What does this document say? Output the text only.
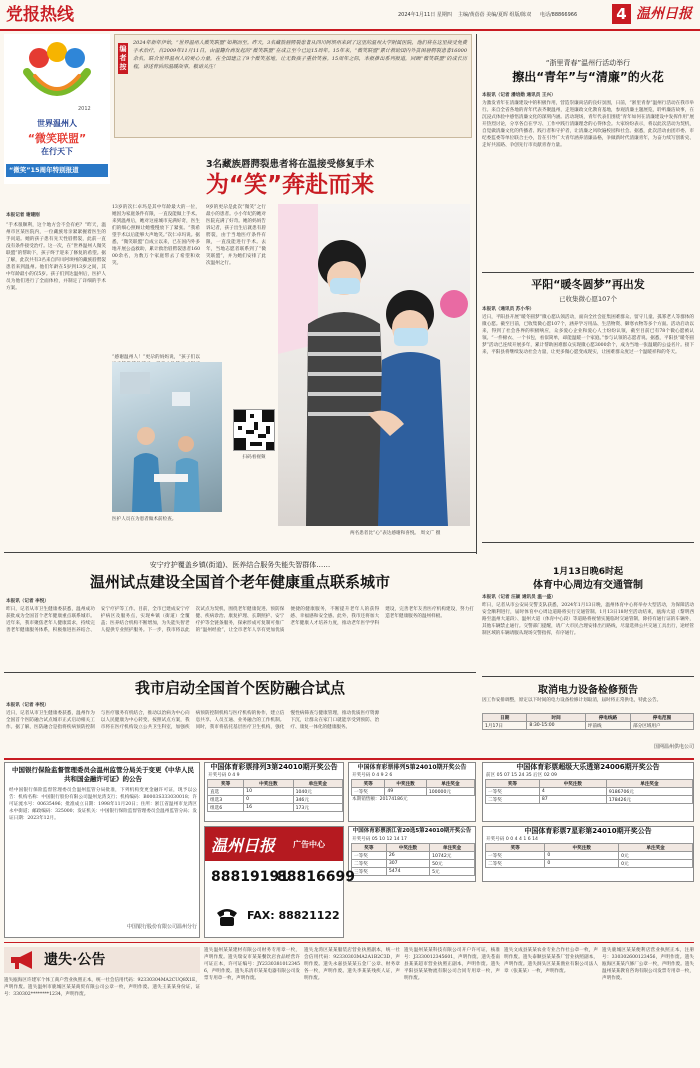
党报热线	2024年1月11日 星期四 主编/黄蓓蓓 美编/夏晖 组版/陈双 电话/88866966	4 温州日报
2012
世界温州人
“微笑联盟”
在行天下
“微笑”15周年特别报道
编者按
2024年新年伊始，“世界温州人微笑联盟”如期而至。昨天，3名藏族唇腭裂患者从四川阿坝州来到了这里的温州大学附属医院，他们将在这里接受免费手术治疗。自2009年11月11日，由温籍台商发起的“微笑联盟”在成立至今已近15周年。15年来，“微笑联盟”累计救助国内外贫困唇腭裂患者16000余名，联合世界温州人的爱心力量，在全国建立了9个微笑基地，让无数孩子重拾笑容。15周年之际，本报推出系列报道，回顾“微笑联盟”的成长历程，讲述背后的温暖故事。敬请关注！
3名藏族唇腭裂患者将在温接受修复手术
为“笑”奔赴而来
本报记者 谢建刚
“手术很顺利，这个地方会不会有疤？”昨天，温州市区某医院内，一位藏族母亲紧紧握着医生的手问道。她的孩子患有先天性唇腭裂，此前一直没有条件接受治疗。这一次，在“世界温州人微笑联盟”的帮助下，孩子终于迎来了修复的希望。据了解，此次共有3名来自四川阿坝州的藏族唇腭裂患者来到温州。他们年龄在5岁到13岁之间，其中年龄最小的仅5岁。孩子们到达温州后，医护人员为他们进行了全面体检，并制定了详细的手术方案。
13岁的次仁卓玛是其中年龄最大的一位，她因为家庭条件有限，一直没能做上手术。来到温州后，她对这座城市充满好奇，医生们的细心照顾让她慢慢放下了紧张。“我希望手术以后能够大声地笑。”次仁卓玛说。据悉，“微笑联盟”自成立以来，已在国内外多地开展公益救助，累计救治唇腭裂患者16000余名，为数万个家庭带去了希望和欢笑。
9岁的更尕是此次“微笑”之行最小的患者。小小年纪的她对医院充满了好奇。她的妈妈告诉记者，孩子出生后就患有唇腭裂，由于当地医疗条件有限，一直没能进行手术。去年，当地志愿者联系到了“微笑联盟”，并为她们安排了此次温州之行。
“感谢温州人！”更尕的妈妈说，“孩子们以
医护人员在为患者做术前检查。
扫码看视频
两名患者比“心”表达感谢和喜悦。 周文广 摄
“浙里青春”温州行活动举行
擦出“青年”与“清廉”的火花
本报讯（记者 潘培勋 通讯员 王兴）
为激发青年在清廉建设中的积极作用，营造崇廉尚洁的良好氛围，日前，“浙里青春”温州行活动在我市举行。来自全省各地的青年代表齐聚温州，走进廉政文化教育基地，参观清廉主题展览，聆听廉洁故事，在沉浸式体验中感悟清廉文化的深刻内涵。活动现场，青年代表们围绕“青年如何在清廉建设中发挥作用”展开热烈讨论，分享各自在学习、工作中践行清廉理念的心得体会。大家纷纷表示，将以此次活动为契机，自觉做清廉文化的传播者、践行者和守护者，让清廉之风吹遍校园和社会。据悉，此次活动由团市委、市纪委监委等单位联合主办，旨在引导广大青年涵养清廉品格，争做新时代清廉青年，为奋力续写创新史、走好共富路、争创先行市贡献青春力量。
平阳“暖冬圆梦”再出发
已收集微心愿107个
本报讯（通讯员 苏小华）
近日，平阳县开展“暖冬圆梦”微心愿认领活动，面向全社会征集困难群众、留守儿童、孤寡老人等群体的微心愿。截至目前，已收集微心愿107个，涵养学习用品、生活物资、御寒衣物等多个方面。活动启动以来，得到了社会各界的积极响应，众多爱心企业和爱心人士纷纷认领，截至目前已有78个微心愿被认领。“一件棉衣、一个书包，看似简单，却能温暖一个家庭。”参与认领的志愿者说。据悉，平阳县“暖冬圆梦”活动已连续开展多年，累计帮助困难群众实现微心愿3000余个，成为当地一张温暖的公益名片。接下来，平阳县将继续发动社会力量，让更多微心愿变成现实，让困难群众度过一个温暖祥和的冬天。
安宁疗护覆盖乡镇(街道)、医养结合服务失能失智群体……
温州试点建设全国首个老年健康重点联系城市
本报讯（记者 李悦）
昨日，记者从市卫生健康委获悉，温州成功获批成为全国首个老年健康重点联系城市。近年来，我市聚焦老年人健康需求，持续完善老年健康服务体系，积极推进医养结合、安宁疗护等工作。目前，全市已建成安宁疗护病区及服务点，实现乡镇（街道）全覆盖；医养结合机构不断增加，为失能失智老人提供专业照护服务。下一步，我市将以此次试点为契机，围绕老年健康促进、预防保健、疾病诊治、康复护理、长期照护、安宁疗护等全链条服务，探索形成可复制可推广的“温州经验”，让全市老年人享有更加优质便捷的健康服务，不断提升老年人的获得感、幸福感和安全感。此外，我市还将加大老年健康人才培养力度，推动老年医学学科建设，完善老年友善医疗机构建设，努力打造老年健康服务的温州样板。
我市启动全国首个医防融合试点
本报讯（记者 李悦）
近日，记者从市卫生健康委获悉，温州作为全国首个医防融合试点城市正式启动相关工作。据了解，医防融合是指将疾病预防控制与医疗服务有机结合，推动以治病为中心向以人民健康为中心转变。按照试点方案，我市将在医疗机构设立公共卫生科室，加强疾病预防控制机构与医疗机构的协作，建立信息共享、人员互通、业务融合的工作机制。同时，我市将依托基层医疗卫生机构，强化慢性病筛查与健康管理，推动优质医疗资源下沉，让群众在家门口就能享受到预防、治疗、康复一体化的健康服务。
1月13日晚6时起
体育中心周边有交通管制
本报讯（记者 汪颖 通讯员 温一盛）
昨日，记者从市公安局交警支队获悉，2024年1月13日晚，温州体育中心将举办大型活动，为保障活动安全顺利进行，届时体育中心周边道路将实行交通管制。1月13日18时至活动结束，瓯海大道（黎明西路至温州大道段）、温州大道（体育中心段）等道路将视情实施临时交通管制，除持有通行证的车辆外，其他车辆禁止通行。交警部门提醒，请广大市民合理安排出行路线，尽量选择公共交通工具出行，途经管制区域的车辆请服从现场交警指挥，有序通行。
取消电力设备检修预告
因工作安排调整，原定以下时间的电力设备检修计划取消，届时将正常供电，特此公告。
日期	时间	停电线路	停电范围
1月17日	8:30-15:00	坪前线	部分区域用户
国网温州供电公司
中国银行保险监督管理委员会温州监管分局关于变更《中华人民共和国金融许可证》的公告
经中国银行保险监督管理委员会温州监管分局批准，下列机构变更金融许可证，现予以公告：机构名称：中国银行股份有限公司温州龙湾支行；机构编码：B0003S333030018；许可证流水号：00635496；批准成立日期：1998年11月20日；住所：浙江省温州市龙湾区永中街道；邮政编码：325000；发证机关：中国银行保险监督管理委员会温州监管分局；发证日期：2023年12月。
中国银行股份有限公司温州分行
中国体育彩票排列3第24010期开奖公告
开奖号码 0 4 9
奖等	中奖注数	单注奖金
直选	10	1040元
组选3	0	346元
组选6	16	173元
中国体育彩票排列5第24010期开奖公告
开奖号码 0 4 9 2 6
奖等	中奖注数	单注奖金
一等奖	49	100000元
本期销售额：20174186元
中国体育彩票浙江省20选5第24010期开奖公告
开奖号码 05 10 12 14 17
奖等	中奖注数	单注奖金
一等奖	26	10742元
二等奖	307	50元
三等奖	5474	5元
中国体育彩票超级大乐透第24006期开奖公告
前区 05 07 15 24 35 后区 02 09
奖等	中奖注数	单注奖金
一等奖	4	9186706元
二等奖	87	178426元
中国体育彩票7星彩第24010期开奖公告
开奖号码 0 0 4 4 1 6 14
奖等	中奖注数	单注奖金
一等奖	0	0元
二等奖	0	0元
温州日报 广告中心
88819191
88816699
FAX: 88821122
遗失·公告
遗失瓯海区许建军个体工商户营业执照正本，统一社会信用代码：92330304MA2CUQ8X1E，声明作废。遗失温州市鹿城区某某商贸有限公司公章一枚，声明作废。遗失王某某身份证，证号：330302********1234，声明作废。
遗失温州某某建材有限公司财务专用章一枚，声明作废。遗失瑞安市某某餐饮店食品经营许可证正本，许可证编号：JY23303810123456，声明作废。遗失乐清市某某电器有限公司发票专用章一枚，声明作废。
遗失龙湾区某某服装店营业执照副本，统一社会信用代码：92330303MA2A1B2C3D，声明作废。遗失永嘉县某某五金厂公章、财务章各一枚，声明作废。遗失李某某残疾人证，声明作废。
遗失温州某某科技有限公司开户许可证，核准号：J3330012345601，声明作废。遗失苍南县某某超市营业执照正副本，声明作废。遗失平阳县某某物流有限公司合同专用章一枚，声明作废。
遗失文成县某某农业专业合作社公章一枚，声明作废。遗失泰顺县某某茶厂营业执照副本，声明作废。遗失洞头区某某渔业有限公司法人章（张某某）一枚，声明作废。
遗失鹿城区某某便利店营业执照正本，注册号：330302600123456，声明作废。遗失瓯海区某某汽修厂公章一枚，声明作废。遗失温州某某教育咨询有限公司发票专用章一枚，声明作废。
